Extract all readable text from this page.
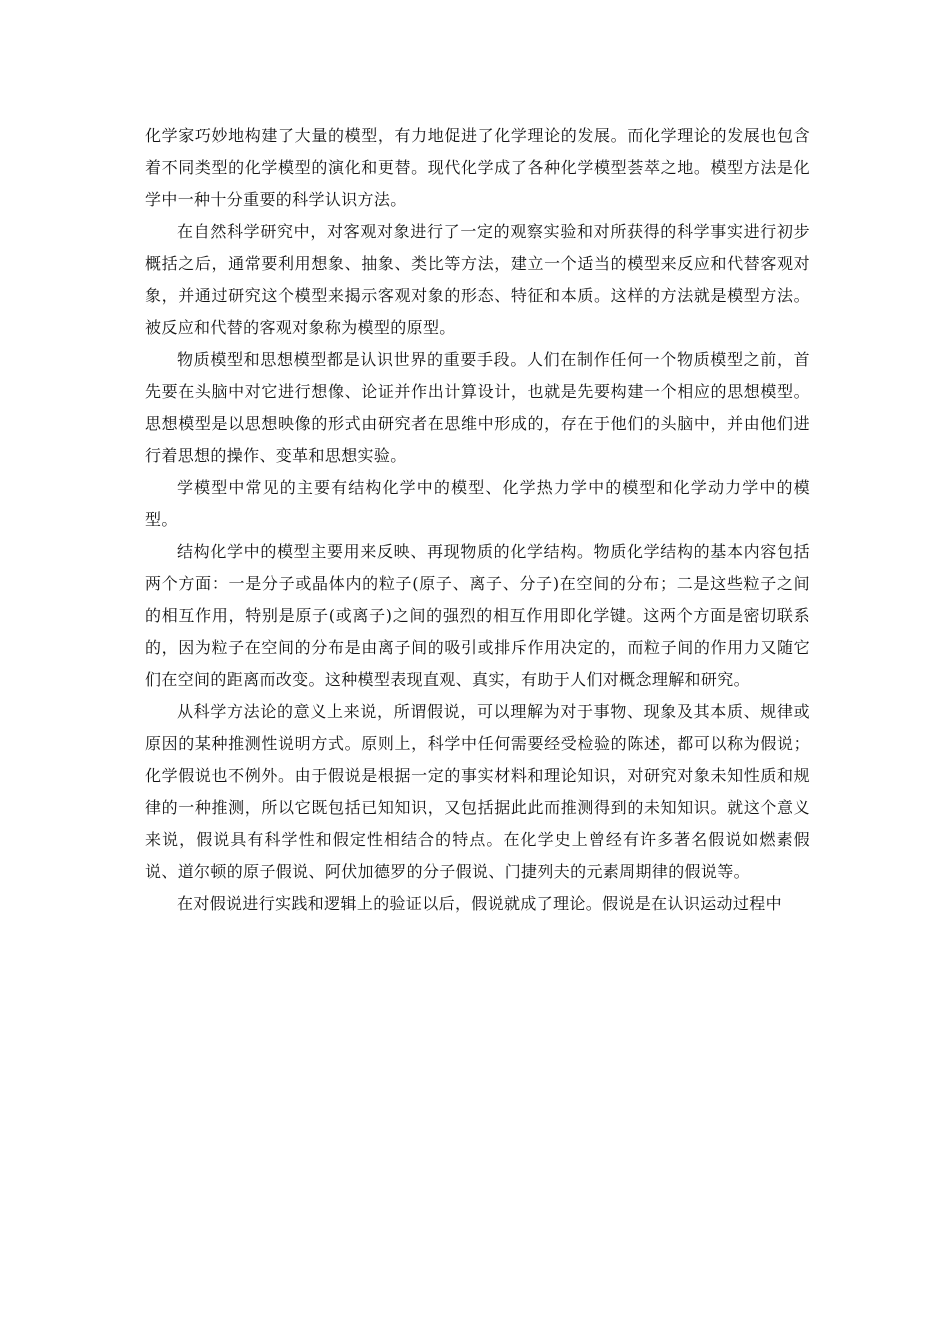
化学家巧妙地构建了大量的模型，有力地促进了化学理论的发展。而化学理论的发展也包含着不同类型的化学模型的演化和更替。现代化学成了各种化学模型荟萃之地。模型方法是化学中一种十分重要的科学认识方法。

在自然科学研究中，对客观对象进行了一定的观察实验和对所获得的科学事实进行初步概括之后，通常要利用想象、抽象、类比等方法，建立一个适当的模型来反应和代替客观对象，并通过研究这个模型来揭示客观对象的形态、特征和本质。这样的方法就是模型方法。被反应和代替的客观对象称为模型的原型。

物质模型和思想模型都是认识世界的重要手段。人们在制作任何一个物质模型之前，首先要在头脑中对它进行想像、论证并作出计算设计，也就是先要构建一个相应的思想模型。思想模型是以思想映像的形式由研究者在思维中形成的，存在于他们的头脑中，并由他们进行着思想的操作、变革和思想实验。

学模型中常见的主要有结构化学中的模型、化学热力学中的模型和化学动力学中的模型。

结构化学中的模型主要用来反映、再现物质的化学结构。物质化学结构的基本内容包括两个方面：一是分子或晶体内的粒子(原子、离子、分子)在空间的分布；二是这些粒子之间的相互作用，特别是原子(或离子)之间的强烈的相互作用即化学键。这两个方面是密切联系的，因为粒子在空间的分布是由离子间的吸引或排斥作用决定的，而粒子间的作用力又随它们在空间的距离而改变。这种模型表现直观、真实，有助于人们对概念理解和研究。

从科学方法论的意义上来说，所谓假说，可以理解为对于事物、现象及其本质、规律或原因的某种推测性说明方式。原则上，科学中任何需要经受检验的陈述，都可以称为假说；化学假说也不例外。由于假说是根据一定的事实材料和理论知识，对研究对象未知性质和规律的一种推测，所以它既包括已知知识，又包括据此此而推测得到的未知知识。就这个意义来说，假说具有科学性和假定性相结合的特点。在化学史上曾经有许多著名假说如燃素假说、道尔顿的原子假说、阿伏加德罗的分子假说、门捷列夫的元素周期律的假说等。

在对假说进行实践和逻辑上的验证以后，假说就成了理论。假说是在认识运动过程中
